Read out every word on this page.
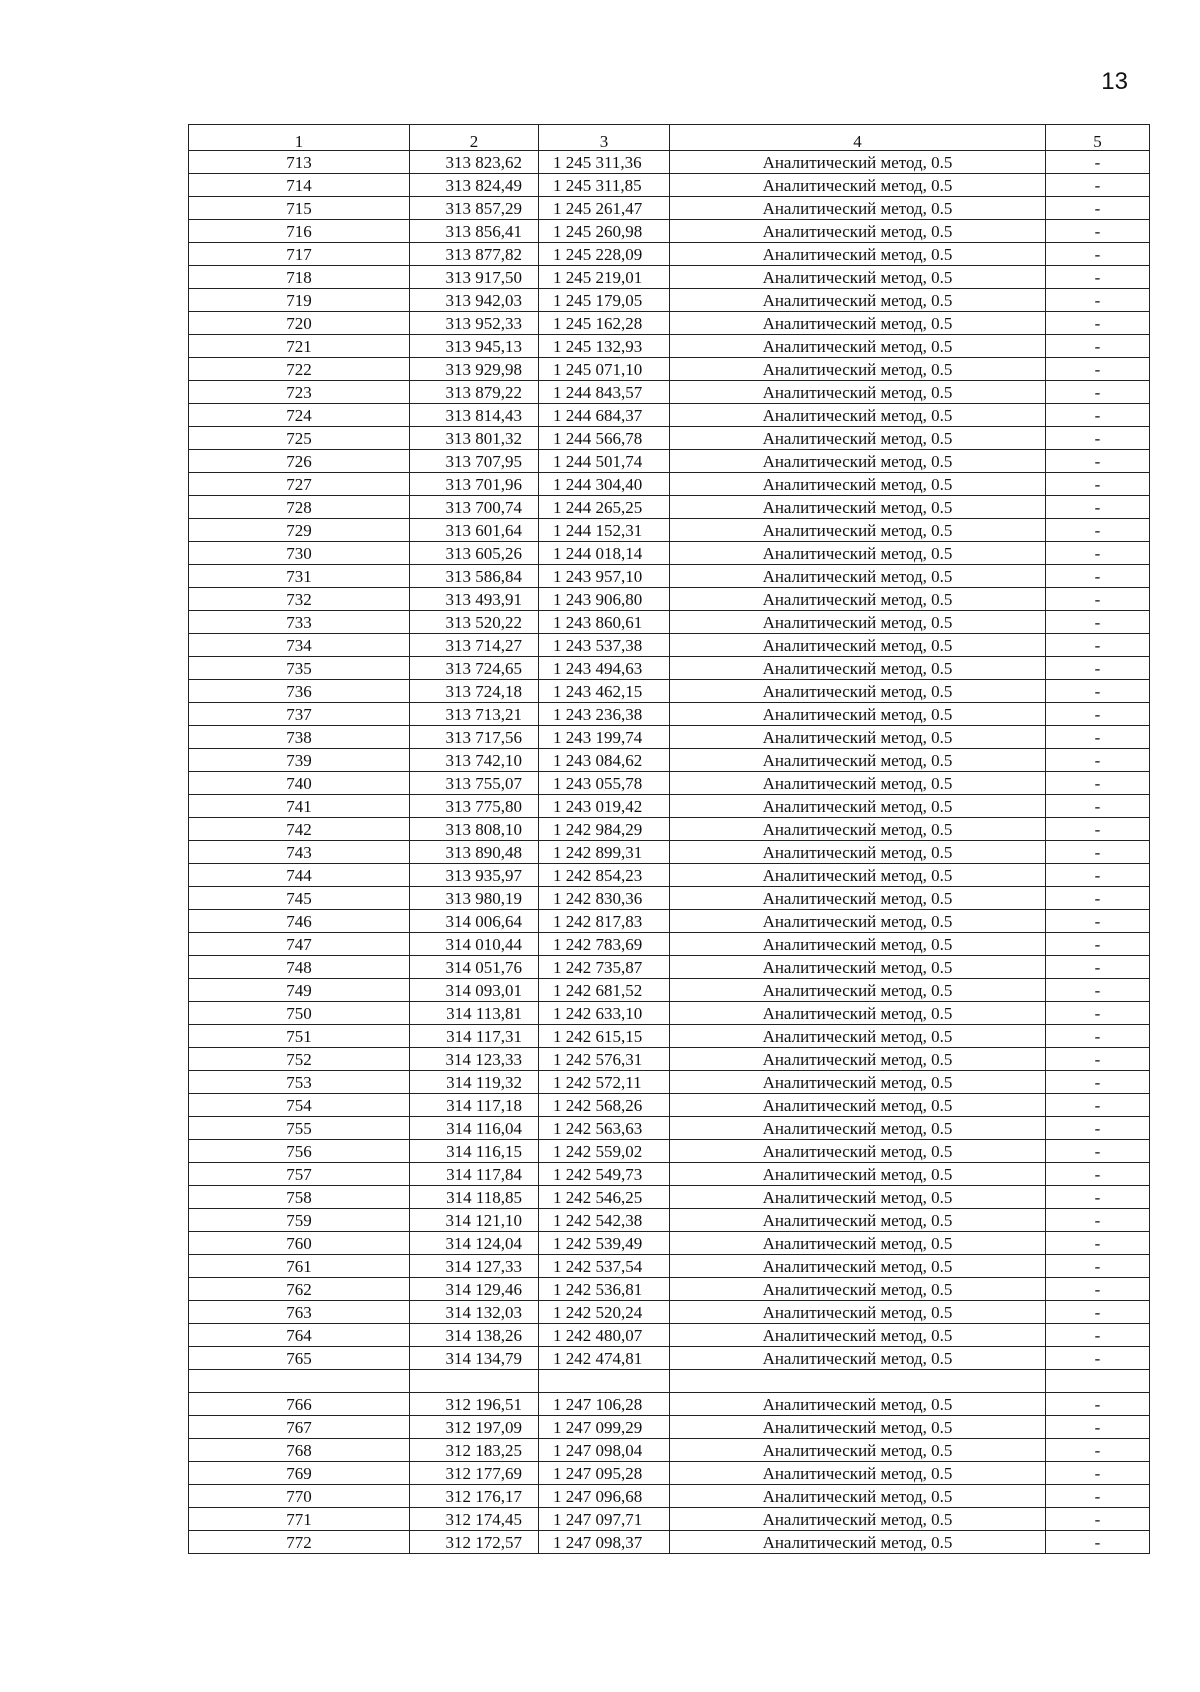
13
1	2	3	4	5
713	313 823,62	1 245 311,36	Аналитический метод, 0.5	-
714	313 824,49	1 245 311,85	Аналитический метод, 0.5	-
715	313 857,29	1 245 261,47	Аналитический метод, 0.5	-
716	313 856,41	1 245 260,98	Аналитический метод, 0.5	-
717	313 877,82	1 245 228,09	Аналитический метод, 0.5	-
718	313 917,50	1 245 219,01	Аналитический метод, 0.5	-
719	313 942,03	1 245 179,05	Аналитический метод, 0.5	-
720	313 952,33	1 245 162,28	Аналитический метод, 0.5	-
721	313 945,13	1 245 132,93	Аналитический метод, 0.5	-
722	313 929,98	1 245 071,10	Аналитический метод, 0.5	-
723	313 879,22	1 244 843,57	Аналитический метод, 0.5	-
724	313 814,43	1 244 684,37	Аналитический метод, 0.5	-
725	313 801,32	1 244 566,78	Аналитический метод, 0.5	-
726	313 707,95	1 244 501,74	Аналитический метод, 0.5	-
727	313 701,96	1 244 304,40	Аналитический метод, 0.5	-
728	313 700,74	1 244 265,25	Аналитический метод, 0.5	-
729	313 601,64	1 244 152,31	Аналитический метод, 0.5	-
730	313 605,26	1 244 018,14	Аналитический метод, 0.5	-
731	313 586,84	1 243 957,10	Аналитический метод, 0.5	-
732	313 493,91	1 243 906,80	Аналитический метод, 0.5	-
733	313 520,22	1 243 860,61	Аналитический метод, 0.5	-
734	313 714,27	1 243 537,38	Аналитический метод, 0.5	-
735	313 724,65	1 243 494,63	Аналитический метод, 0.5	-
736	313 724,18	1 243 462,15	Аналитический метод, 0.5	-
737	313 713,21	1 243 236,38	Аналитический метод, 0.5	-
738	313 717,56	1 243 199,74	Аналитический метод, 0.5	-
739	313 742,10	1 243 084,62	Аналитический метод, 0.5	-
740	313 755,07	1 243 055,78	Аналитический метод, 0.5	-
741	313 775,80	1 243 019,42	Аналитический метод, 0.5	-
742	313 808,10	1 242 984,29	Аналитический метод, 0.5	-
743	313 890,48	1 242 899,31	Аналитический метод, 0.5	-
744	313 935,97	1 242 854,23	Аналитический метод, 0.5	-
745	313 980,19	1 242 830,36	Аналитический метод, 0.5	-
746	314 006,64	1 242 817,83	Аналитический метод, 0.5	-
747	314 010,44	1 242 783,69	Аналитический метод, 0.5	-
748	314 051,76	1 242 735,87	Аналитический метод, 0.5	-
749	314 093,01	1 242 681,52	Аналитический метод, 0.5	-
750	314 113,81	1 242 633,10	Аналитический метод, 0.5	-
751	314 117,31	1 242 615,15	Аналитический метод, 0.5	-
752	314 123,33	1 242 576,31	Аналитический метод, 0.5	-
753	314 119,32	1 242 572,11	Аналитический метод, 0.5	-
754	314 117,18	1 242 568,26	Аналитический метод, 0.5	-
755	314 116,04	1 242 563,63	Аналитический метод, 0.5	-
756	314 116,15	1 242 559,02	Аналитический метод, 0.5	-
757	314 117,84	1 242 549,73	Аналитический метод, 0.5	-
758	314 118,85	1 242 546,25	Аналитический метод, 0.5	-
759	314 121,10	1 242 542,38	Аналитический метод, 0.5	-
760	314 124,04	1 242 539,49	Аналитический метод, 0.5	-
761	314 127,33	1 242 537,54	Аналитический метод, 0.5	-
762	314 129,46	1 242 536,81	Аналитический метод, 0.5	-
763	314 132,03	1 242 520,24	Аналитический метод, 0.5	-
764	314 138,26	1 242 480,07	Аналитический метод, 0.5	-
765	314 134,79	1 242 474,81	Аналитический метод, 0.5	-

766	312 196,51	1 247 106,28	Аналитический метод, 0.5	-
767	312 197,09	1 247 099,29	Аналитический метод, 0.5	-
768	312 183,25	1 247 098,04	Аналитический метод, 0.5	-
769	312 177,69	1 247 095,28	Аналитический метод, 0.5	-
770	312 176,17	1 247 096,68	Аналитический метод, 0.5	-
771	312 174,45	1 247 097,71	Аналитический метод, 0.5	-
772	312 172,57	1 247 098,37	Аналитический метод, 0.5	-
